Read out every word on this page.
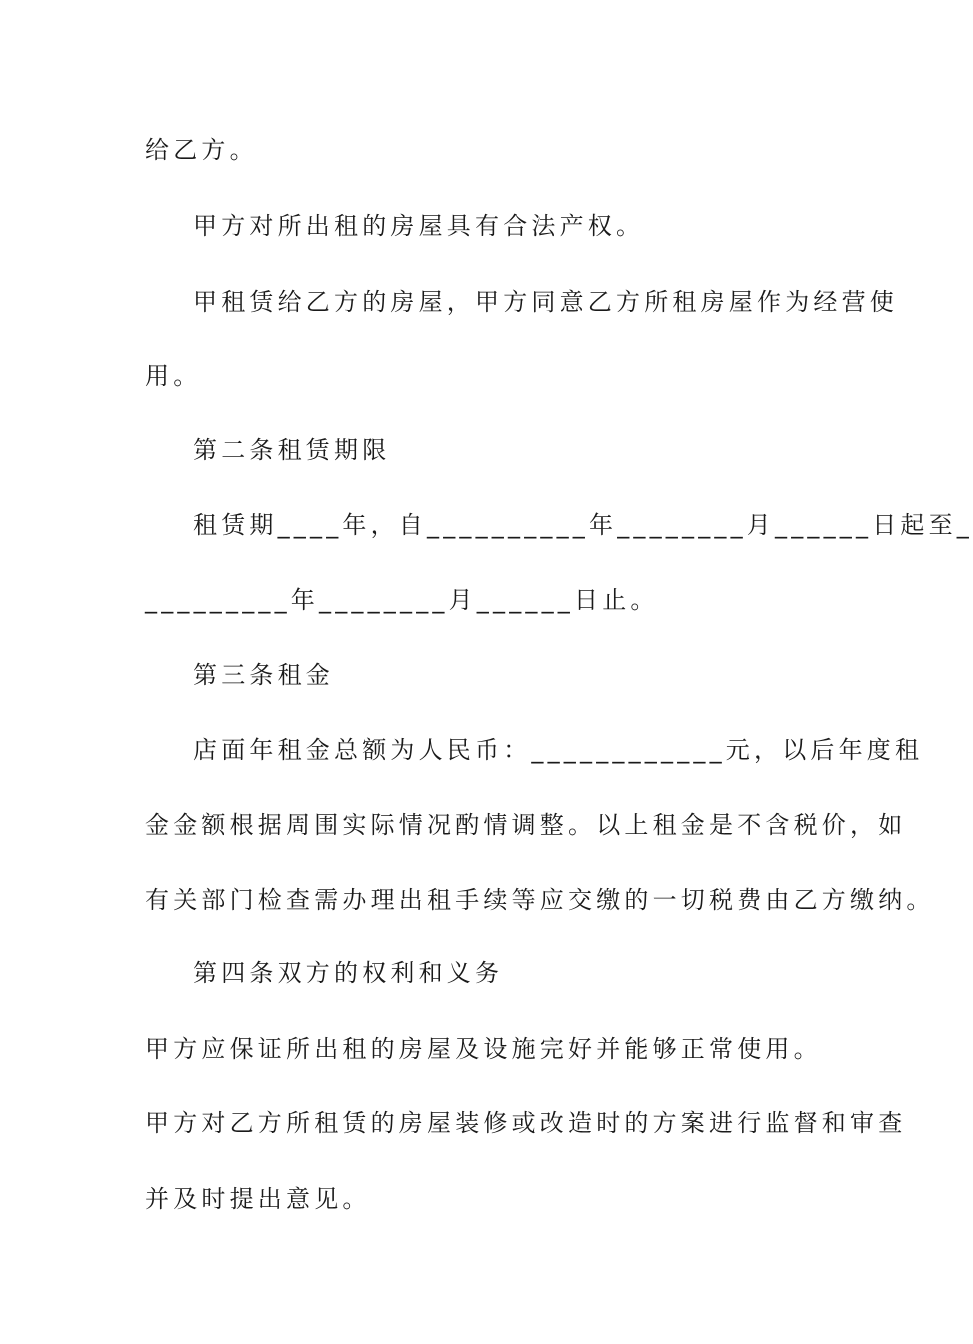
给乙方。
甲方对所出租的房屋具有合法产权。
甲租赁给乙方的房屋，甲方同意乙方所租房屋作为经营使
用。
第二条租赁期限
租赁期____年，自__________年________月______日起至_
_________年________月______日止。
第三条租金
店面年租金总额为人民币：____________元，以后年度租
金金额根据周围实际情况酌情调整。以上租金是不含税价，如
有关部门检查需办理出租手续等应交缴的一切税费由乙方缴纳。
第四条双方的权利和义务
甲方应保证所出租的房屋及设施完好并能够正常使用。
甲方对乙方所租赁的房屋装修或改造时的方案进行监督和审查
并及时提出意见。
